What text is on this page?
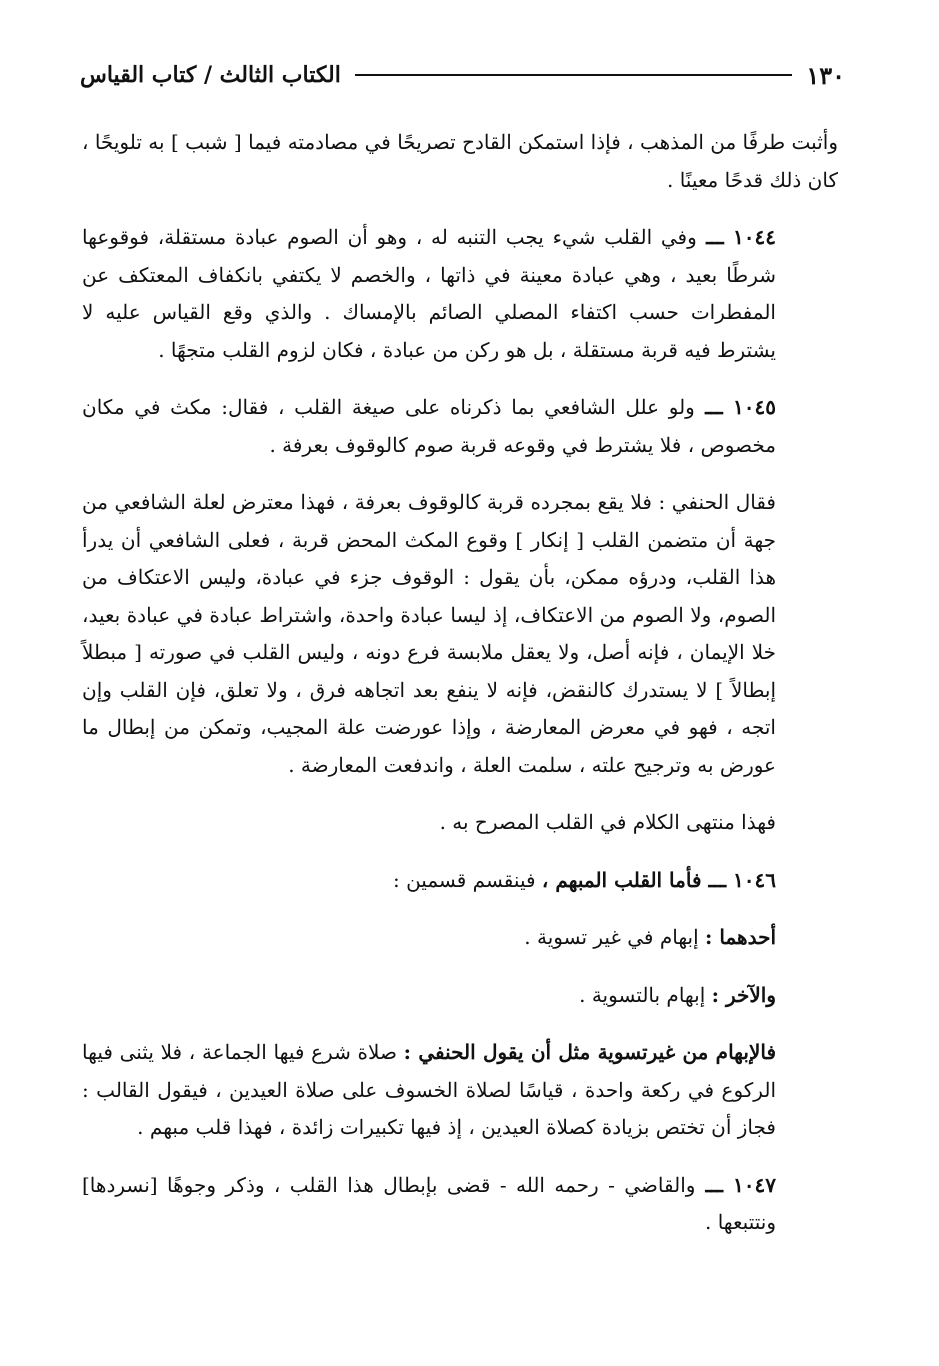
١٣٠
الكتاب الثالث / كتاب القياس

وأثبت طرفًا من المذهب ، فإذا استمكن القادح تصريحًا في مصادمته فيما [ شبب ] به تلويحًا ، كان ذلك قدحًا معينًا .

١٠٤٤ ـــ وفي القلب شيء يجب التنبه له ، وهو أن الصوم عبادة مستقلة، فوقوعها شرطًا بعيد ، وهي عبادة معينة في ذاتها ، والخصم لا يكتفي بانكفاف المعتكف عن المفطرات حسب اكتفاء المصلي الصائم بالإمساك . والذي وقع القياس عليه لا يشترط فيه قربة مستقلة ، بل هو ركن من عبادة ، فكان لزوم القلب متجهًا .

١٠٤٥ ـــ ولو علل الشافعي بما ذكرناه على صيغة القلب ، فقال: مكث في مكان مخصوص ، فلا يشترط في وقوعه قربة صوم كالوقوف بعرفة .

فقال الحنفي : فلا يقع بمجرده قربة كالوقوف بعرفة ، فهذا معترض لعلة الشافعي من جهة أن متضمن القلب [ إنكار ] وقوع المكث المحض قربة ، فعلى الشافعي أن يدرأ هذا القلب، ودرؤه ممكن، بأن يقول : الوقوف جزء في عبادة، وليس الاعتكاف من الصوم، ولا الصوم من الاعتكاف، إذ ليسا عبادة واحدة، واشتراط عبادة في عبادة بعيد، خلا الإيمان ، فإنه أصل، ولا يعقل ملابسة فرع دونه ، وليس القلب في صورته [ مبطلاً إبطالاً ] لا يستدرك كالنقض، فإنه لا ينفع بعد اتجاهه فرق ، ولا تعلق، فإن القلب وإن اتجه ، فهو في معرض المعارضة ، وإذا عورضت علة المجيب، وتمكن من إبطال ما عورض به وترجيح علته ، سلمت العلة ، واندفعت المعارضة .

فهذا منتهى الكلام في القلب المصرح به .

١٠٤٦ ـــ فأما القلب المبهم ، فينقسم قسمين :

أحدهما : إبهام في غير تسوية .

والآخر : إبهام بالتسوية .

فالإبهام من غيرتسوية مثل أن يقول الحنفي : صلاة شرع فيها الجماعة ، فلا يثنى فيها الركوع في ركعة واحدة ، قياسًا لصلاة الخسوف على صلاة العيدين ، فيقول القالب : فجاز أن تختص بزيادة كصلاة العيدين ، إذ فيها تكبيرات زائدة ، فهذا قلب مبهم .

١٠٤٧ ـــ والقاضي - رحمه الله - قضى بإبطال هذا القلب ، وذكر وجوهًا [نسردها] ونتتبعها .
